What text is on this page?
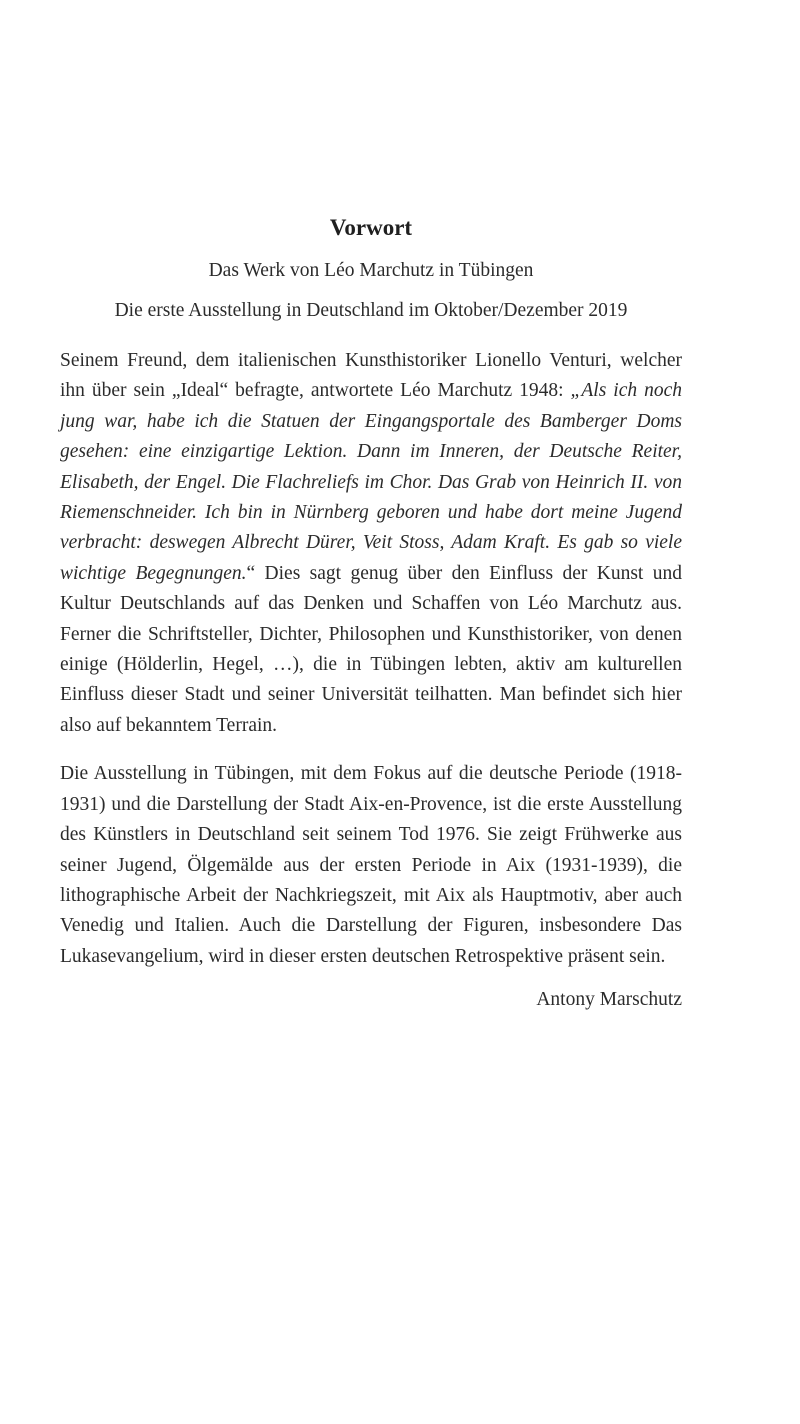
Vorwort
Das Werk von Léo Marchutz in Tübingen
Die erste Ausstellung in Deutschland im Oktober/Dezember 2019

Seinem Freund, dem italienischen Kunsthistoriker Lionello Venturi, welcher ihn über sein „Ideal“ befragte, antwortete Léo Marchutz 1948: „Als ich noch jung war, habe ich die Statuen der Eingangsportale des Bamberger Doms gesehen: eine einzigartige Lektion. Dann im Inneren, der Deutsche Reiter, Elisabeth, der Engel. Die Flachreliefs im Chor. Das Grab von Heinrich II. von Riemenschneider. Ich bin in Nürnberg geboren und habe dort meine Jugend verbracht: deswegen Albrecht Dürer, Veit Stoss, Adam Kraft. Es gab so viele wichtige Begegnungen.“ Dies sagt genug über den Einfluss der Kunst und Kultur Deutschlands auf das Denken und Schaffen von Léo Marchutz aus. Ferner die Schriftsteller, Dichter, Philosophen und Kunsthistoriker, von denen einige (Hölderlin, Hegel, …), die in Tübingen lebten, aktiv am kulturellen Einfluss dieser Stadt und seiner Universität teilhatten. Man befindet sich hier also auf bekanntem Terrain.

Die Ausstellung in Tübingen, mit dem Fokus auf die deutsche Periode (1918-1931) und die Darstellung der Stadt Aix-en-Provence, ist die erste Ausstellung des Künstlers in Deutschland seit seinem Tod 1976. Sie zeigt Frühwerke aus seiner Jugend, Ölgemälde aus der ersten Periode in Aix (1931-1939), die lithographische Arbeit der Nachkriegszeit, mit Aix als Hauptmotiv, aber auch Venedig und Italien. Auch die Darstellung der Figuren, insbesondere Das Lukasevangelium, wird in dieser ersten deutschen Retrospektive präsent sein.

Antony Marschutz
